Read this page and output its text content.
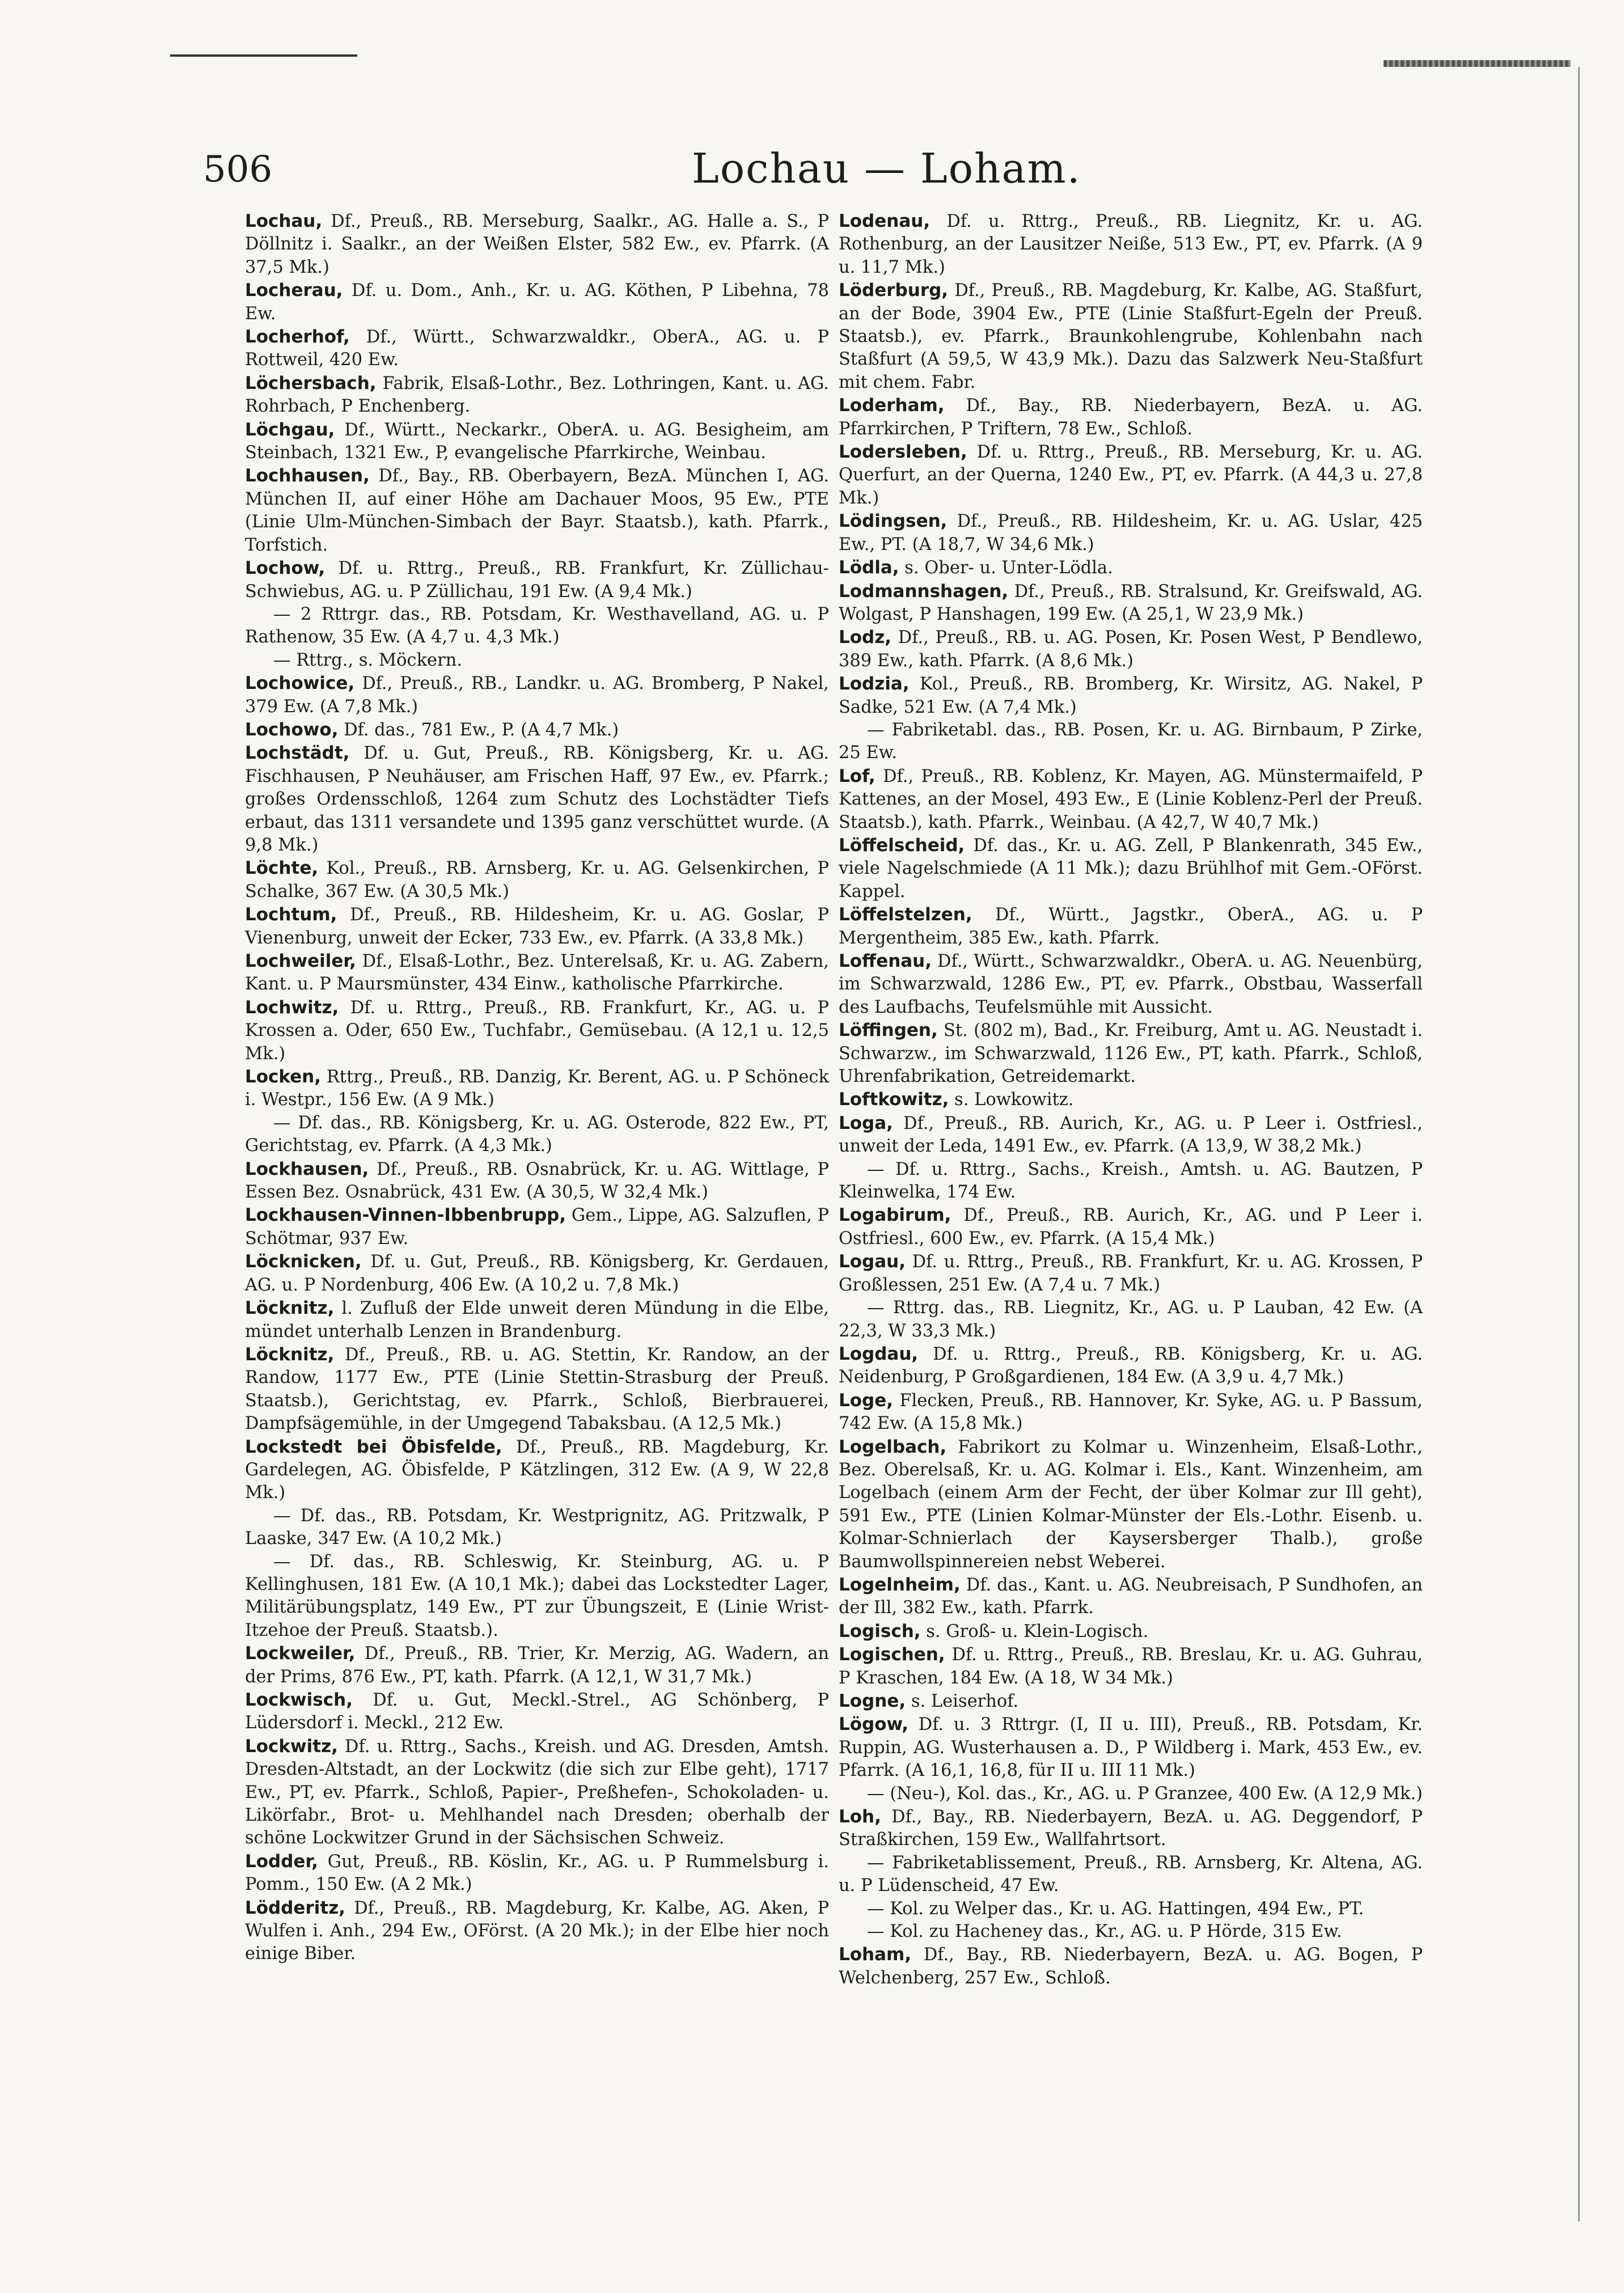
506	Lochau — Loham.

Lochau, Df., Preuß., RB. Merseburg, Saalkr., AG. Halle a. S., P Döllnitz i. Saalkr., an der Weißen Elster, 582 Ew., ev. Pfarrk. (A 37,5 Mk.)

Locherau, Df. u. Dom., Anh., Kr. u. AG. Köthen, P Libehna, 78 Ew.

Locherhof, Df., Württ., Schwarzwaldkr., OberA., AG. u. P Rottweil, 420 Ew.

Löchersbach, Fabrik, Elsaß-Lothr., Bez. Lothringen, Kant. u. AG. Rohrbach, P Enchenberg.

Löchgau, Df., Württ., Neckarkr., OberA. u. AG. Besigheim, am Steinbach, 1321 Ew., P, evangelische Pfarrkirche, Weinbau.

Lochhausen, Df., Bay., RB. Oberbayern, BezA. München I, AG. München II, auf einer Höhe am Dachauer Moos, 95 Ew., PTE (Linie Ulm-München-Simbach der Bayr. Staatsb.), kath. Pfarrk., Torfstich.

Lochow, Df. u. Rttrg., Preuß., RB. Frankfurt, Kr. Züllichau-Schwiebus, AG. u. P Züllichau, 191 Ew. (A 9,4 Mk.)

— 2 Rttrgr. das., RB. Potsdam, Kr. Westhavelland, AG. u. P Rathenow, 35 Ew. (A 4,7 u. 4,3 Mk.)

— Rttrg., s. Möckern.

Lochowice, Df., Preuß., RB., Landkr. u. AG. Bromberg, P Nakel, 379 Ew. (A 7,8 Mk.)

Lochowo, Df. das., 781 Ew., P. (A 4,7 Mk.)

Lochstädt, Df. u. Gut, Preuß., RB. Königsberg, Kr. u. AG. Fischhausen, P Neuhäuser, am Frischen Haff, 97 Ew., ev. Pfarrk.; großes Ordensschloß, 1264 zum Schutz des Lochstädter Tiefs erbaut, das 1311 versandete und 1395 ganz verschüttet wurde. (A 9,8 Mk.)

Löchte, Kol., Preuß., RB. Arnsberg, Kr. u. AG. Gelsenkirchen, P Schalke, 367 Ew. (A 30,5 Mk.)

Lochtum, Df., Preuß., RB. Hildesheim, Kr. u. AG. Goslar, P Vienenburg, unweit der Ecker, 733 Ew., ev. Pfarrk. (A 33,8 Mk.)

Lochweiler, Df., Elsaß-Lothr., Bez. Unterelsaß, Kr. u. AG. Zabern, Kant. u. P Maursmünster, 434 Einw., katholische Pfarrkirche.

Lochwitz, Df. u. Rttrg., Preuß., RB. Frankfurt, Kr., AG. u. P Krossen a. Oder, 650 Ew., Tuchfabr., Gemüsebau. (A 12,1 u. 12,5 Mk.)

Locken, Rttrg., Preuß., RB. Danzig, Kr. Berent, AG. u. P Schöneck i. Westpr., 156 Ew. (A 9 Mk.)

— Df. das., RB. Königsberg, Kr. u. AG. Osterode, 822 Ew., PT, Gerichtstag, ev. Pfarrk. (A 4,3 Mk.)

Lockhausen, Df., Preuß., RB. Osnabrück, Kr. u. AG. Wittlage, P Essen Bez. Osnabrück, 431 Ew. (A 30,5, W 32,4 Mk.)

Lockhausen-Vinnen-Ibbenbrupp, Gem., Lippe, AG. Salzuflen, P Schötmar, 937 Ew.

Löcknicken, Df. u. Gut, Preuß., RB. Königsberg, Kr. Gerdauen, AG. u. P Nordenburg, 406 Ew. (A 10,2 u. 7,8 Mk.)

Löcknitz, l. Zufluß der Elde unweit deren Mündung in die Elbe, mündet unterhalb Lenzen in Brandenburg.

Löcknitz, Df., Preuß., RB. u. AG. Stettin, Kr. Randow, an der Randow, 1177 Ew., PTE (Linie Stettin-Strasburg der Preuß. Staatsb.), Gerichtstag, ev. Pfarrk., Schloß, Bierbrauerei, Dampfsägemühle, in der Umgegend Tabaksbau. (A 12,5 Mk.)

Lockstedt bei Öbisfelde, Df., Preuß., RB. Magdeburg, Kr. Gardelegen, AG. Öbisfelde, P Kätzlingen, 312 Ew. (A 9, W 22,8 Mk.)

— Df. das., RB. Potsdam, Kr. Westprignitz, AG. Pritzwalk, P Laaske, 347 Ew. (A 10,2 Mk.)

— Df. das., RB. Schleswig, Kr. Steinburg, AG. u. P Kellinghusen, 181 Ew. (A 10,1 Mk.); dabei das Lockstedter Lager, Militärübungsplatz, 149 Ew., PT zur Übungszeit, E (Linie Wrist-Itzehoe der Preuß. Staatsb.).

Lockweiler, Df., Preuß., RB. Trier, Kr. Merzig, AG. Wadern, an der Prims, 876 Ew., PT, kath. Pfarrk. (A 12,1, W 31,7 Mk.)

Lockwisch, Df. u. Gut, Meckl.-Strel., AG Schönberg, P Lüdersdorf i. Meckl., 212 Ew.

Lockwitz, Df. u. Rttrg., Sachs., Kreish. und AG. Dresden, Amtsh. Dresden-Altstadt, an der Lockwitz (die sich zur Elbe geht), 1717 Ew., PT, ev. Pfarrk., Schloß, Papier-, Preßhefen-, Schokoladen- u. Likörfabr., Brot- u. Mehlhandel nach Dresden; oberhalb der schöne Lockwitzer Grund in der Sächsischen Schweiz.

Lodder, Gut, Preuß., RB. Köslin, Kr., AG. u. P Rummelsburg i. Pomm., 150 Ew. (A 2 Mk.)

Lödderitz, Df., Preuß., RB. Magdeburg, Kr. Kalbe, AG. Aken, P Wulfen i. Anh., 294 Ew., OFörst. (A 20 Mk.); in der Elbe hier noch einige Biber.

Lodenau, Df. u. Rttrg., Preuß., RB. Liegnitz, Kr. u. AG. Rothenburg, an der Lausitzer Neiße, 513 Ew., PT, ev. Pfarrk. (A 9 u. 11,7 Mk.)

Löderburg, Df., Preuß., RB. Magdeburg, Kr. Kalbe, AG. Staßfurt, an der Bode, 3904 Ew., PTE (Linie Staßfurt-Egeln der Preuß. Staatsb.), ev. Pfarrk., Braunkohlengrube, Kohlenbahn nach Staßfurt (A 59,5, W 43,9 Mk.). Dazu das Salzwerk Neu-Staßfurt mit chem. Fabr.

Loderham, Df., Bay., RB. Niederbayern, BezA. u. AG. Pfarrkirchen, P Triftern, 78 Ew., Schloß.

Lodersleben, Df. u. Rttrg., Preuß., RB. Merseburg, Kr. u. AG. Querfurt, an der Querna, 1240 Ew., PT, ev. Pfarrk. (A 44,3 u. 27,8 Mk.)

Lödingsen, Df., Preuß., RB. Hildesheim, Kr. u. AG. Uslar, 425 Ew., PT. (A 18,7, W 34,6 Mk.)

Lödla, s. Ober- u. Unter-Lödla.

Lodmannshagen, Df., Preuß., RB. Stralsund, Kr. Greifswald, AG. Wolgast, P Hanshagen, 199 Ew. (A 25,1, W 23,9 Mk.)

Lodz, Df., Preuß., RB. u. AG. Posen, Kr. Posen West, P Bendlewo, 389 Ew., kath. Pfarrk. (A 8,6 Mk.)

Lodzia, Kol., Preuß., RB. Bromberg, Kr. Wirsitz, AG. Nakel, P Sadke, 521 Ew. (A 7,4 Mk.)

— Fabriketabl. das., RB. Posen, Kr. u. AG. Birnbaum, P Zirke, 25 Ew.

Lof, Df., Preuß., RB. Koblenz, Kr. Mayen, AG. Münstermaifeld, P Kattenes, an der Mosel, 493 Ew., E (Linie Koblenz-Perl der Preuß. Staatsb.), kath. Pfarrk., Weinbau. (A 42,7, W 40,7 Mk.)

Löffelscheid, Df. das., Kr. u. AG. Zell, P Blankenrath, 345 Ew., viele Nagelschmiede (A 11 Mk.); dazu Brühlhof mit Gem.-OFörst. Kappel.

Löffelstelzen, Df., Württ., Jagstkr., OberA., AG. u. P Mergentheim, 385 Ew., kath. Pfarrk.

Loffenau, Df., Württ., Schwarzwaldkr., OberA. u. AG. Neuenbürg, im Schwarzwald, 1286 Ew., PT, ev. Pfarrk., Obstbau, Wasserfall des Laufbachs, Teufelsmühle mit Aussicht.

Löffingen, St. (802 m), Bad., Kr. Freiburg, Amt u. AG. Neustadt i. Schwarzw., im Schwarzwald, 1126 Ew., PT, kath. Pfarrk., Schloß, Uhrenfabrikation, Getreidemarkt.

Loftkowitz, s. Lowkowitz.

Loga, Df., Preuß., RB. Aurich, Kr., AG. u. P Leer i. Ostfriesl., unweit der Leda, 1491 Ew., ev. Pfarrk. (A 13,9, W 38,2 Mk.)

— Df. u. Rttrg., Sachs., Kreish., Amtsh. u. AG. Bautzen, P Kleinwelka, 174 Ew.

Logabirum, Df., Preuß., RB. Aurich, Kr., AG. und P Leer i. Ostfriesl., 600 Ew., ev. Pfarrk. (A 15,4 Mk.)

Logau, Df. u. Rttrg., Preuß., RB. Frankfurt, Kr. u. AG. Krossen, P Großlessen, 251 Ew. (A 7,4 u. 7 Mk.)

— Rttrg. das., RB. Liegnitz, Kr., AG. u. P Lauban, 42 Ew. (A 22,3, W 33,3 Mk.)

Logdau, Df. u. Rttrg., Preuß., RB. Königsberg, Kr. u. AG. Neidenburg, P Großgardienen, 184 Ew. (A 3,9 u. 4,7 Mk.)

Loge, Flecken, Preuß., RB. Hannover, Kr. Syke, AG. u. P Bassum, 742 Ew. (A 15,8 Mk.)

Logelbach, Fabrikort zu Kolmar u. Winzenheim, Elsaß-Lothr., Bez. Oberelsaß, Kr. u. AG. Kolmar i. Els., Kant. Winzenheim, am Logelbach (einem Arm der Fecht, der über Kolmar zur Ill geht), 591 Ew., PTE (Linien Kolmar-Münster der Els.-Lothr. Eisenb. u. Kolmar-Schnierlach der Kaysersberger Thalb.), große Baumwollspinnereien nebst Weberei.

Logelnheim, Df. das., Kant. u. AG. Neubreisach, P Sundhofen, an der Ill, 382 Ew., kath. Pfarrk.

Logisch, s. Groß- u. Klein-Logisch.

Logischen, Df. u. Rttrg., Preuß., RB. Breslau, Kr. u. AG. Guhrau, P Kraschen, 184 Ew. (A 18, W 34 Mk.)

Logne, s. Leiserhof.

Lögow, Df. u. 3 Rttrgr. (I, II u. III), Preuß., RB. Potsdam, Kr. Ruppin, AG. Wusterhausen a. D., P Wildberg i. Mark, 453 Ew., ev. Pfarrk. (A 16,1, 16,8, für II u. III 11 Mk.)

— (Neu-), Kol. das., Kr., AG. u. P Granzee, 400 Ew. (A 12,9 Mk.)

Loh, Df., Bay., RB. Niederbayern, BezA. u. AG. Deggendorf, P Straßkirchen, 159 Ew., Wallfahrtsort.

— Fabriketablissement, Preuß., RB. Arnsberg, Kr. Altena, AG. u. P Lüdenscheid, 47 Ew.

— Kol. zu Welper das., Kr. u. AG. Hattingen, 494 Ew., PT.

— Kol. zu Hacheney das., Kr., AG. u. P Hörde, 315 Ew.

Loham, Df., Bay., RB. Niederbayern, BezA. u. AG. Bogen, P Welchenberg, 257 Ew., Schloß.
